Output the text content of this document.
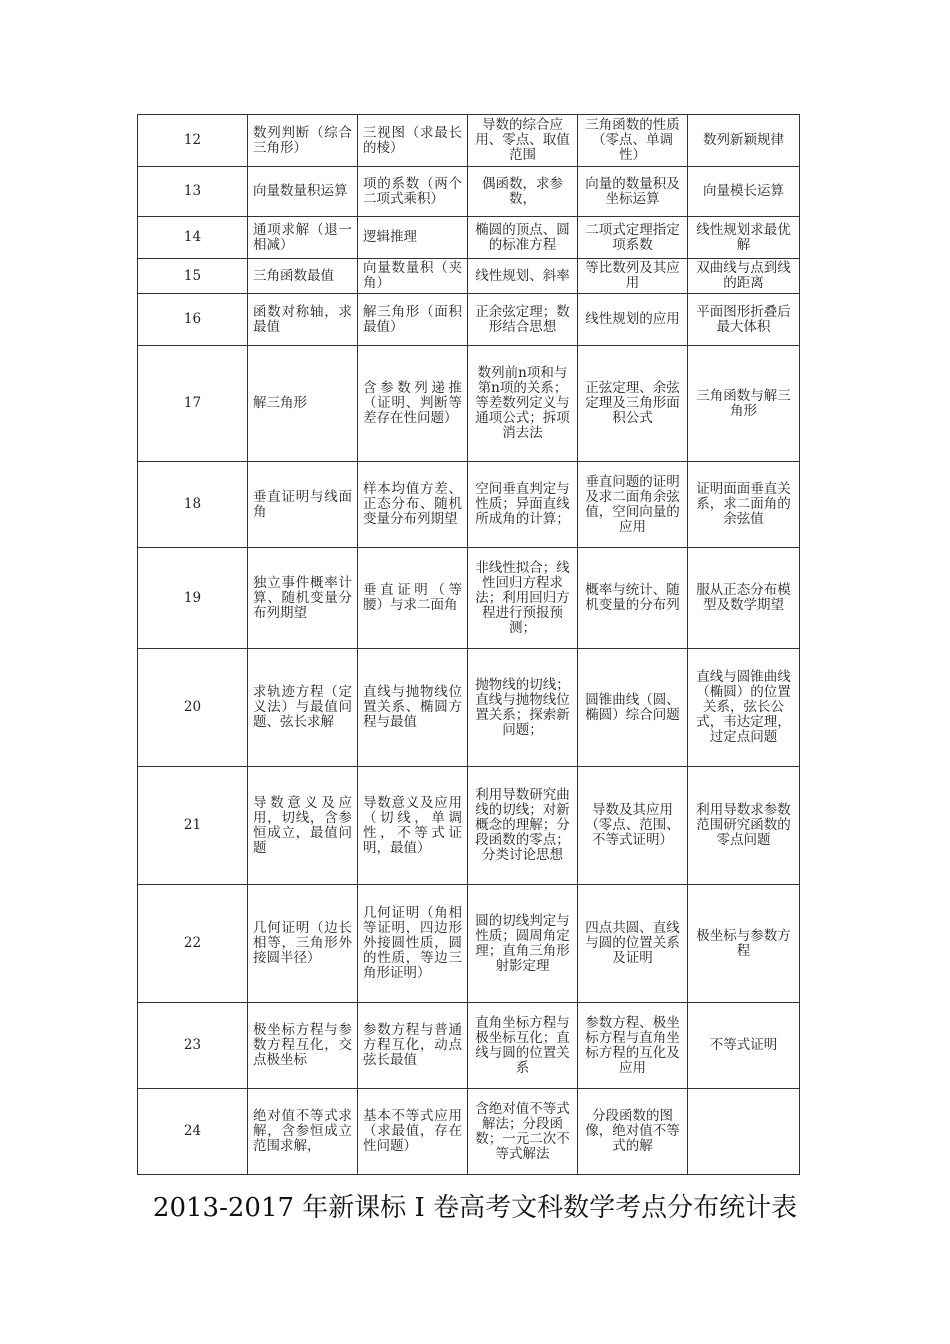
12	数列判断（综合三角形）	三视图（求最长的棱）	导数的综合应用、零点、取值范围	三角函数的性质（零点、单调性）	数列新颖规律
13	向量数量积运算	项的系数（两个二项式乘积）	偶函数，求参数，	向量的数量积及坐标运算	向量模长运算
14	通项求解（退一相减）	逻辑推理	椭圆的顶点、圆的标准方程	二项式定理指定项系数	线性规划求最优解
15	三角函数最值	向量数量积（夹角）	线性规划、斜率	等比数列及其应用	双曲线与点到线的距离
16	函数对称轴，求最值	解三角形（面积最值）	正余弦定理；数形结合思想	线性规划的应用	平面图形折叠后最大体积
17	解三角形	含参数列递推（证明、判断等差存在性问题）	数列前n项和与第n项的关系；等差数列定义与通项公式；拆项消去法	正弦定理、余弦定理及三角形面积公式	三角函数与解三角形
18	垂直证明与线面角	样本均值方差、正态分布、随机变量分布列期望	空间垂直判定与性质；异面直线所成角的计算；	垂直问题的证明及求二面角余弦值，空间向量的应用	证明面面垂直关系，求二面角的余弦值
19	独立事件概率计算、随机变量分布列期望	垂直证明（等腰）与求二面角	非线性拟合；线性回归方程求法；利用回归方程进行预报预测；	概率与统计、随机变量的分布列	服从正态分布模型及数学期望
20	求轨迹方程（定义法）与最值问题、弦长求解	直线与抛物线位置关系、椭圆方程与最值	抛物线的切线；直线与抛物线位置关系；探索新问题；	圆锥曲线（圆、椭圆）综合问题	直线与圆锥曲线（椭圆）的位置关系，弦长公式，韦达定理，过定点问题
21	导数意义及应用，切线，含参恒成立，最值问题	导数意义及应用（切线，单调性，不等式证明，最值）	利用导数研究曲线的切线；对新概念的理解；分段函数的零点；分类讨论思想	导数及其应用（零点、范围、不等式证明）	利用导数求参数范围研究函数的零点问题
22	几何证明（边长相等，三角形外接圆半径）	几何证明（角相等证明，四边形外接圆性质，圆的性质，等边三角形证明）	圆的切线判定与性质；圆周角定理；直角三角形射影定理	四点共圆、直线与圆的位置关系及证明	极坐标与参数方程
23	极坐标方程与参数方程互化，交点极坐标	参数方程与普通方程互化，动点弦长最值	直角坐标方程与极坐标互化；直线与圆的位置关系	参数方程、极坐标方程与直角坐标方程的互化及应用	不等式证明
24	绝对值不等式求解，含参恒成立范围求解，	基本不等式应用（求最值，存在性问题）	含绝对值不等式解法；分段函数；一元二次不等式解法	分段函数的图像，绝对值不等式的解	
2013-2017 年新课标 I 卷高考文科数学考点分布统计表
